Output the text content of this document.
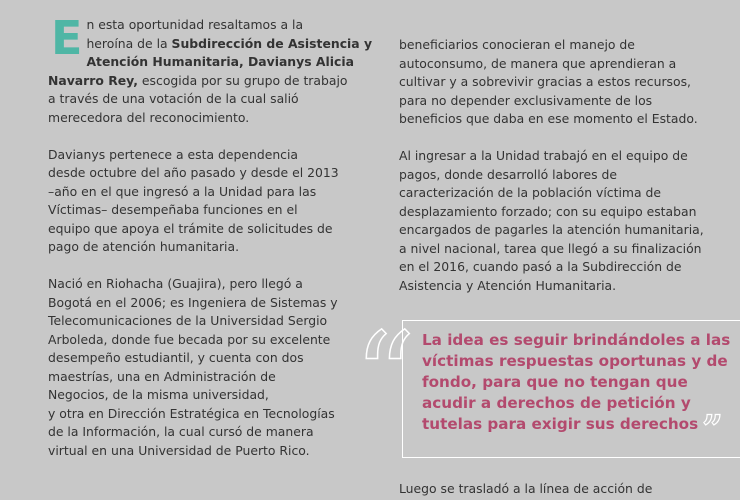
E n esta oportunidad resaltamos a la
heroína de la Subdirección de Asistencia y
Atención Humanitaria, Davianys Alicia
Navarro Rey, escogida por su grupo de trabajo
a través de una votación de la cual salió
merecedora del reconocimiento.

Davianys pertenece a esta dependencia
desde octubre del año pasado y desde el 2013
–año en el que ingresó a la Unidad para las
Víctimas– desempeñaba funciones en el
equipo que apoya el trámite de solicitudes de
pago de atención humanitaria.

Nació en Riohacha (Guajira), pero llegó a
Bogotá en el 2006; es Ingeniera de Sistemas y
Telecomunicaciones de la Universidad Sergio
Arboleda, donde fue becada por su excelente
desempeño estudiantil, y cuenta con dos
maestrías, una en Administración de
Negocios, de la misma universidad,
y otra en Dirección Estratégica en Tecnologías
de la Información, la cual cursó de manera
virtual en una Universidad de Puerto Rico.

beneficiarios conocieran el manejo de
autoconsumo, de manera que aprendieran a
cultivar y a sobrevivir gracias a estos recursos,
para no depender exclusivamente de los
beneficios que daba en ese momento el Estado.

Al ingresar a la Unidad trabajó en el equipo de
pagos, donde desarrolló labores de
caracterización de la población víctima de
desplazamiento forzado; con su equipo estaban
encargados de pagarles la atención humanitaria,
a nivel nacional, tarea que llegó a su finalización
en el 2016, cuando pasó a la Subdirección de
Asistencia y Atención Humanitaria.

“ La idea es seguir brindándoles a las
víctimas respuestas oportunas y de
fondo, para que no tengan que
acudir a derechos de petición y
tutelas para exigir sus derechos ”
Luego se trasladó a la línea de acción de
